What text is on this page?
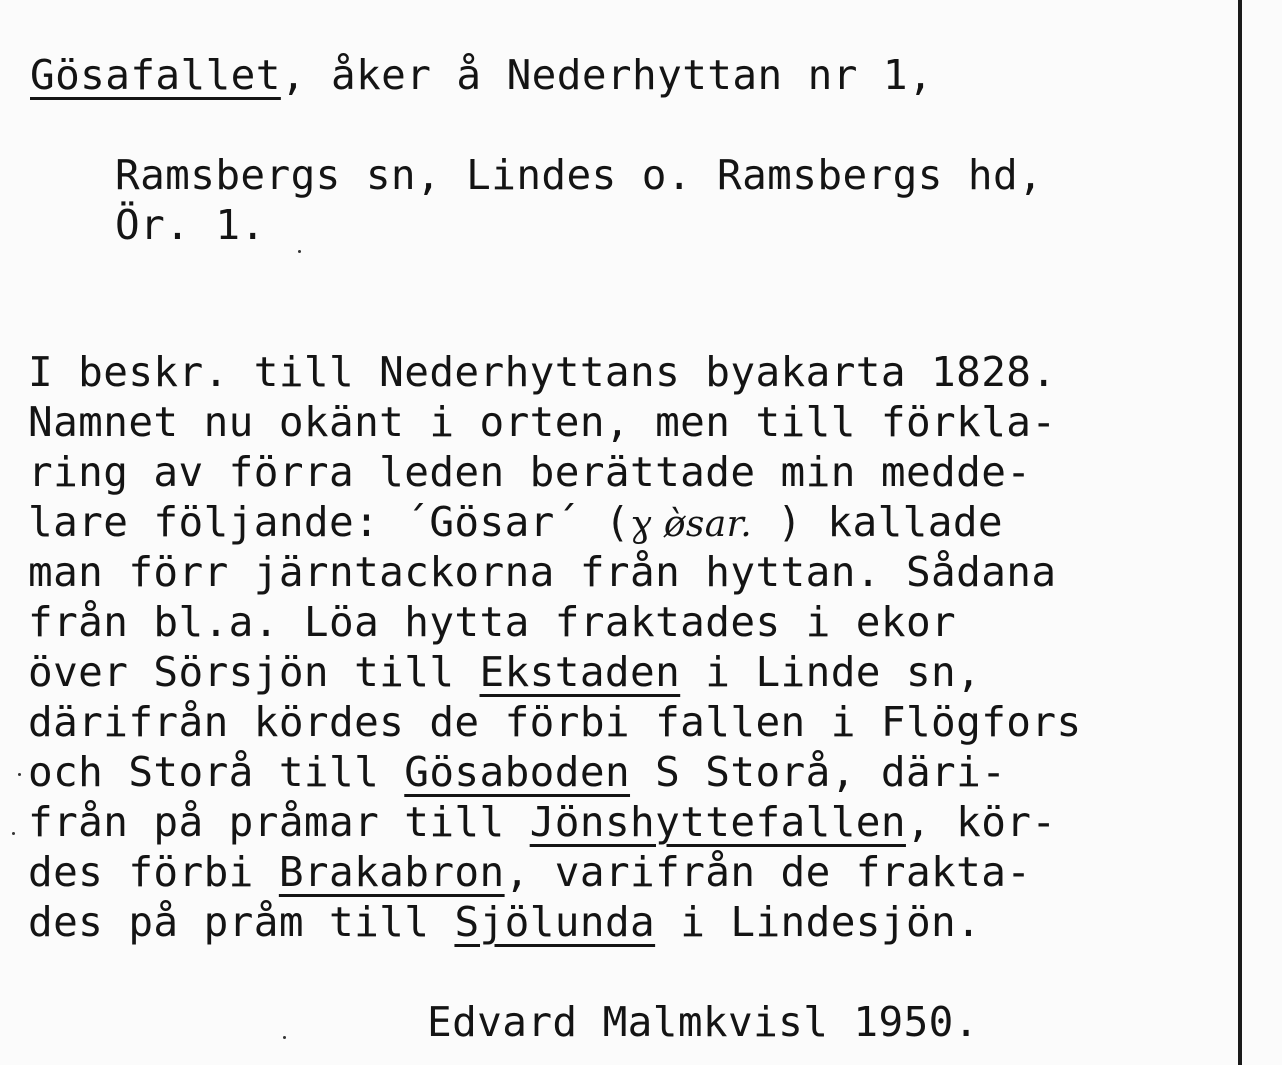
Gösafallet, åker å Nederhyttan nr 1,
Ramsbergs sn, Lindes o. Ramsbergs hd,
Ör. 1.
I beskr. till Nederhyttans byakarta 1828.
Namnet nu okänt i orten, men till förkla-
ring av förra leden berättade min medde-
lare följande: ´Gösar´ (ɣ ø̀sar. ) kallade
man förr järntackorna från hyttan. Sådana
från bl.a. Löa hytta fraktades i ekor
över Sörsjön till Ekstaden i Linde sn,
därifrån kördes de förbi fallen i Flögfors
och Storå till Gösaboden S Storå, däri-
från på pråmar till Jönshyttefallen, kör-
des förbi Brakabron, varifrån de frakta-
des på pråm till Sjölunda i Lindesjön.
Edvard Malmkvisl 1950.
